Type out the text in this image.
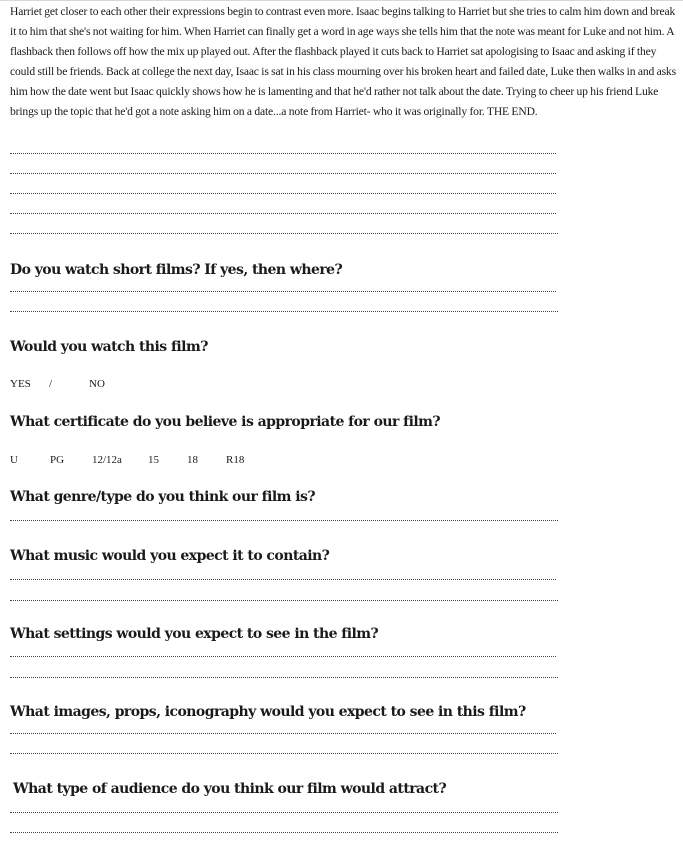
Harriet get closer to each other their expressions begin to contrast even more. Isaac begins talking to Harriet but she tries to calm him down and break it to him that she's not waiting for him. When Harriet can finally get a word in age ways she tells him that the note was meant for Luke and not him. A flashback then follows off how the mix up played out. After the flashback played it cuts back to Harriet sat apologising to Isaac and asking if they could still be friends. Back at college the next day, Isaac is sat in his class mourning over his broken heart and failed date, Luke then walks in and asks him how the date went but Isaac quickly shows how he is lamenting and that he'd rather not talk about the date. Trying to cheer up his friend Luke brings up the topic that he'd got a note asking him on a date...a note from Harriet- who it was originally for. THE END.

Do you watch short films? If yes, then where?
Would you watch this film?
YES /	NO
What certificate do you believe is appropriate for our film?
U	PG	12/12a 15	18	R18
What genre/type do you think our film is?
What music would you expect it to contain?
What settings would you expect to see in the film?
What images, props, iconography would you expect to see in this film?
What type of audience do you think our film would attract?
